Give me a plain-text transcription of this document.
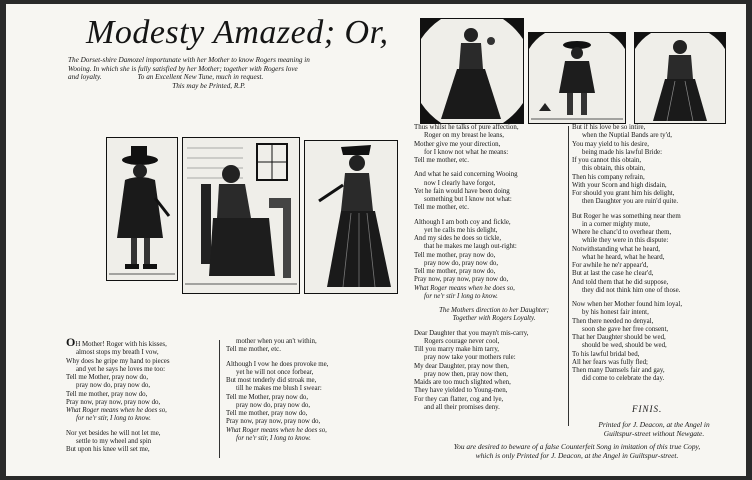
Modesty Amazed; Or,
The Dorset-shire Damozel importunate with her Mother to know Rogers meaning in
Wooing. In which she is fully satisfied by her Mother; together with Rogers love
and loyalty.                    To an Excellent New Tune, much in request.
This may be Printed, R.P.
OH Mother! Roger with his kisses,
almost stops my breath I vow,
Why does he gripe my hand to pieces
and yet he says he loves me too:
Tell me Mother, pray now do,
pray now do, pray now do,
Tell me mother, pray now do,
Pray now, pray now, pray now do,
What Roger means when he does so,
for ne'r stir, I long to know.
Nor yet besides he will not let me,
settle to my wheel and spin
But upon his knee will set me,
mother when you an't within,
Tell me mother, etc.
Although I vow he does provoke me,
yet he will not once forbear,
But most tenderly did stroak me,
till he makes me blush I swear:
Tell me Mother, pray now do,
pray now do, pray now do,
Tell me mother, pray now do,
Pray now, pray now, pray now do,
What Roger means when he does so,
for ne'r stir, I long to know.
Thus whilst he talks of pure affection,
Roger on my breast he leans,
Mother give me your direction,
for I know not what he means:
Tell me mother, etc.
And what he said concerning Wooing
now I clearly have forgot,
Yet he fain would have been doing
something but I know not what:
Tell me mother, etc.
Although I am both coy and fickle,
yet he calls me his delight,
And my sides he does so tickle,
that he makes me laugh out-right:
Tell me mother, pray now do,
pray now do, pray now do,
Tell me mother, pray now do,
Pray now, pray now, pray now do,
What Roger means when he does so,
for ne'r stir I long to know.
The Mothers direction to her Daughter;
Together with Rogers Loyalty.
Dear Daughter that you mayn't mis-carry,
Rogers courage never cool,
Till you marry make him tarry,
pray now take your mothers rule:
My dear Daughter, pray now then,
pray now then, pray now then,
Maids are too much slighted when,
They have yielded to Young-men,
For they can flatter, cog and lye,
and all their promises deny.
But if his love be so intire,
when the Nuptial Bands are ty'd,
You may yield to his desire,
being made his lawful Bride:
If you cannot this obtain,
this obtain, this obtain,
Then his company refrain,
With your Scorn and high disdain,
For should you grant him his delight,
then Daughter you are ruin'd quite.
But Roger he was something near them
in a corner mighty mute,
Where he chanc'd to overhear them,
while they were in this dispute:
Notwithstanding what he heard,
what he heard, what he heard,
For awhile he ne'r appear'd,
But at last the case he clear'd,
And told them that he did suppose,
they did not think him one of those.
Now when her Mother found him loyal,
by his honest fair intent,
Then there needed no denyal,
soon she gave her free consent,
That her Daughter should be wed,
should be wed, should be wed,
To his lawful bridal bed,
All her fears was fully fled;
Then many Damsels fair and gay,
did come to celebrate the day.
FINIS.
Printed for J. Deacon, at the Angel in
Guiltspur-street without Newgate.
You are desired to beware of a false Counterfeit Song in imitation of this true Copy,
which is only Printed for J. Deacon, at the Angel in Guiltspur-street.
